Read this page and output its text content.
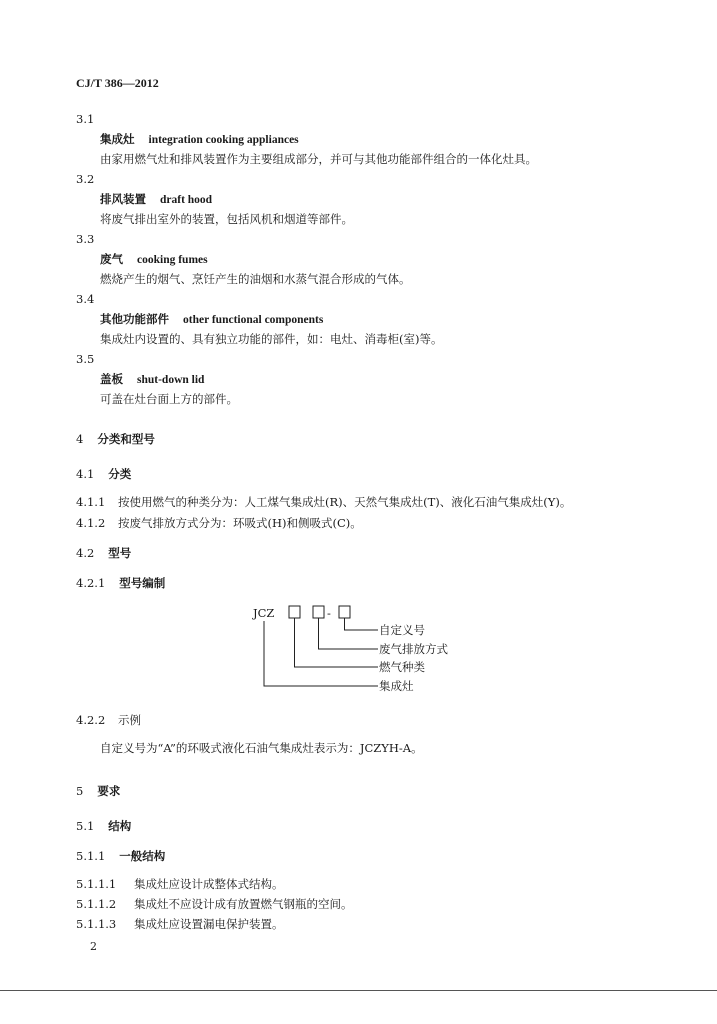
CJ/T 386—2012
3.1
集成灶 integration cooking appliances
由家用燃气灶和排风装置作为主要组成部分，并可与其他功能部件组合的一体化灶具。
3.2
排风装置 draft hood
将废气排出室外的装置，包括风机和烟道等部件。
3.3
废气 cooking fumes
燃烧产生的烟气、烹饪产生的油烟和水蒸气混合形成的气体。
3.4
其他功能部件 other functional components
集成灶内设置的、具有独立功能的部件，如：电灶、消毒柜(室)等。
3.5
盖板 shut-down lid
可盖在灶台面上方的部件。
4 分类和型号
4.1 分类
4.1.1 按使用燃气的种类分为：人工煤气集成灶(R)、天然气集成灶(T)、液化石油气集成灶(Y)。
4.1.2 按废气排放方式分为：环吸式(H)和侧吸式(C)。
4.2 型号
4.2.1 型号编制
JCZ	-
自定义号
废气排放方式
燃气种类
集成灶
4.2.2 示例
自定义号为“A”的环吸式液化石油气集成灶表示为：JCZYH-A。
5 要求
5.1 结构
5.1.1 一般结构
5.1.1.1 集成灶应设计成整体式结构。
5.1.1.2 集成灶不应设计成有放置燃气钢瓶的空间。
5.1.1.3 集成灶应设置漏电保护装置。
2
